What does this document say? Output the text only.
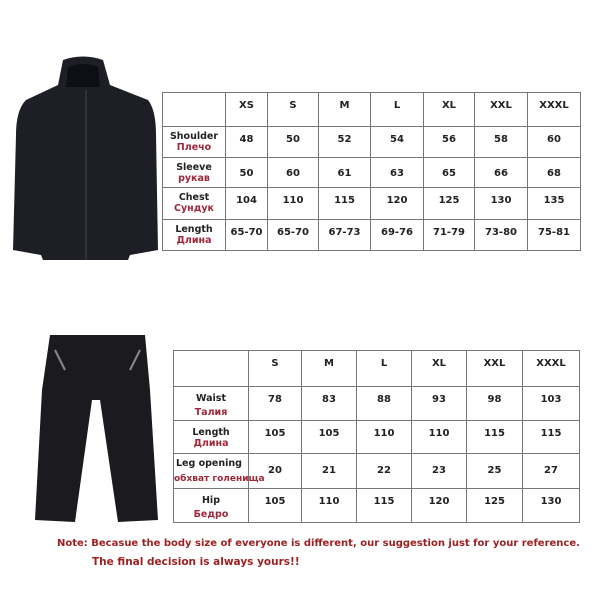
	XS	S	M	L	XL	XXL	XXXL

Shoulder
Плечо	48	50	52	54	56	58	60

Sleeve
рукав	50	60	61	63	65	66	68

Chest
Сундук	104	110	115	120	125	130	135

Length
Длина	65-70	65-70	67-73	69-76	71-79	73-80	75-81
	S	M	L	XL	XXL	XXXL

Waist
Талия	78	83	88	93	98	103

Length
Длина	105	105	110	110	115	115

Leg opening
обхват голенища	20	21	22	23	25	27

Hip
Бедро	105	110	115	120	125	130
Note: Becasue the body size of everyone is different, our suggestion just for your reference.
The final decision is always yours!!
